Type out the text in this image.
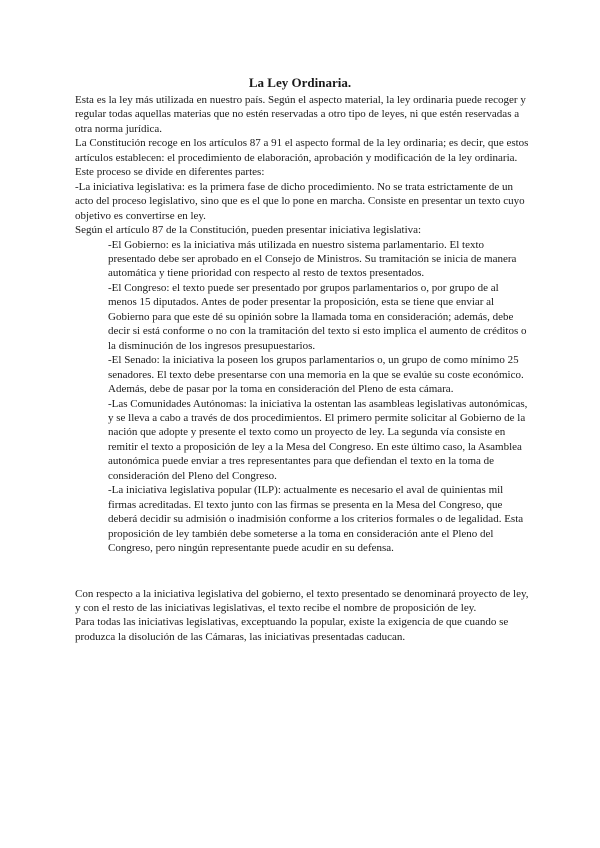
La Ley Ordinaria.

Esta es la ley más utilizada en nuestro país. Según el aspecto material, la ley ordinaria puede recoger y regular todas aquellas materias que no estén reservadas a otro tipo de leyes, ni que estén reservadas a otra norma jurídica.

La Constitución recoge en los artículos 87 a 91 el aspecto formal de la ley ordinaria; es decir, que estos artículos establecen: el procedimiento de elaboración, aprobación y modificación de la ley ordinaria. Este proceso se divide en diferentes partes:

-La iniciativa legislativa: es la primera fase de dicho procedimiento. No se trata estrictamente de un acto del proceso legislativo, sino que es el que lo pone en marcha. Consiste en presentar un texto cuyo objetivo es convertirse en ley.

Según el artículo 87 de la Constitución, pueden presentar iniciativa legislativa:

-El Gobierno: es la iniciativa más utilizada en nuestro sistema parlamentario. El texto presentado debe ser aprobado en el Consejo de Ministros. Su tramitación se inicia de manera automática y tiene prioridad con respecto al resto de textos presentados.

-El Congreso: el texto puede ser presentado por grupos parlamentarios o, por grupo de al menos 15 diputados. Antes de poder presentar la proposición, esta se tiene que enviar al Gobierno para que este dé su opinión sobre la llamada toma en consideración; además, debe decir si está conforme o no con la tramitación del texto si esto implica el aumento de créditos o la disminución de los ingresos presupuestarios.

-El Senado: la iniciativa la poseen los grupos parlamentarios o, un grupo de como mínimo 25 senadores. El texto debe presentarse con una memoria en la que se evalúe su coste económico. Además, debe de pasar por la toma en consideración del Pleno de esta cámara.

-Las Comunidades Autónomas: la iniciativa la ostentan las asambleas legislativas autonómicas, y se lleva a cabo a través de dos procedimientos. El primero permite solicitar al Gobierno de la nación que adopte y presente el texto como un proyecto de ley. La segunda vía consiste en

remitir el texto a proposición de ley a la Mesa del Congreso. En este último caso, la Asamblea autonómica puede enviar a tres representantes para que defiendan el texto en la toma de consideración del Pleno del Congreso.

-La iniciativa legislativa popular (ILP): actualmente es necesario el aval de quinientas mil firmas acreditadas. El texto junto con las firmas se presenta en la Mesa del Congreso, que deberá decidir su admisión o inadmisión conforme a los criterios formales o de legalidad. Esta proposición de ley también debe someterse a la toma en consideración ante el Pleno del

Congreso, pero ningún representante puede acudir en su defensa.

Con respecto a la iniciativa legislativa del gobierno, el texto presentado se denominará proyecto de ley, y con el resto de las iniciativas legislativas, el texto recibe el nombre de proposición de ley.

Para todas las iniciativas legislativas, exceptuando la popular, existe la exigencia de que cuando se produzca la disolución de las Cámaras, las iniciativas presentadas caducan.
